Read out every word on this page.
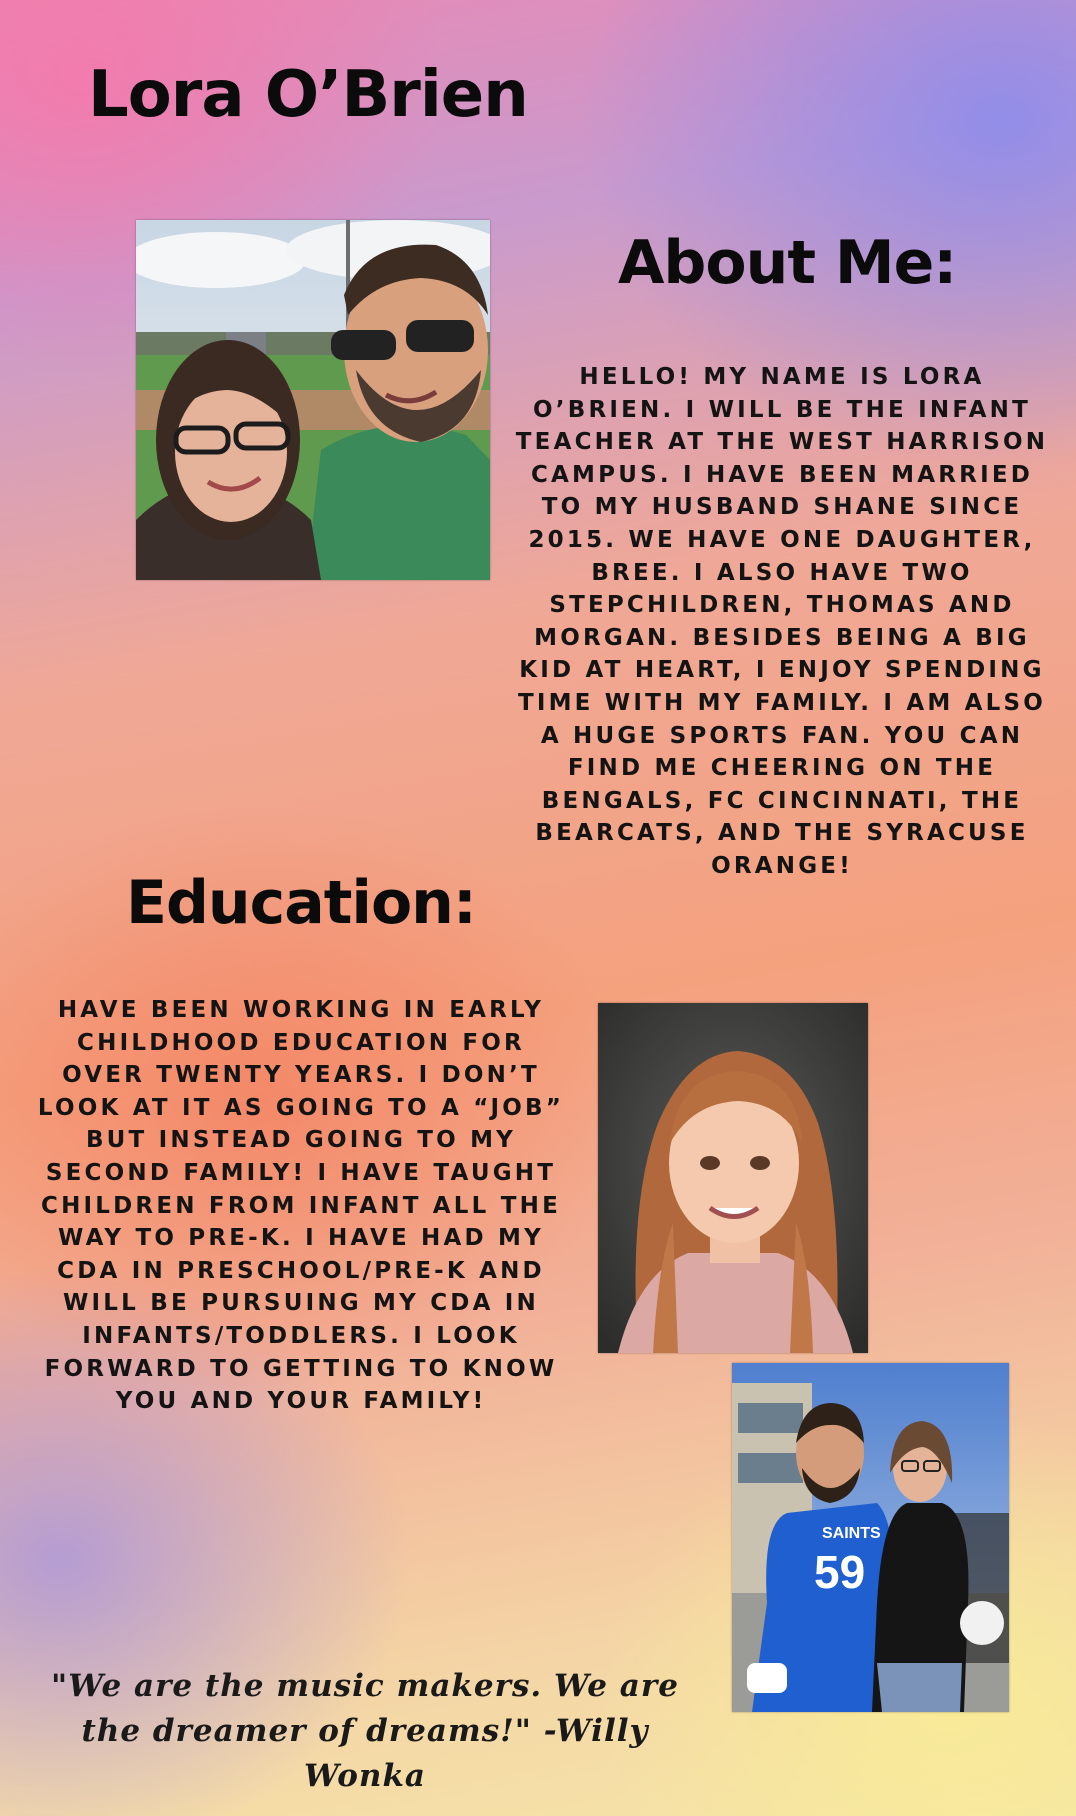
Lora O’Brien
About Me:

HELLO! MY NAME IS LORA O’BRIEN. I WILL BE THE INFANT TEACHER AT THE WEST HARRISON CAMPUS. I HAVE BEEN MARRIED TO MY HUSBAND SHANE SINCE 2015. WE HAVE ONE DAUGHTER, BREE. I ALSO HAVE TWO STEPCHILDREN, THOMAS AND MORGAN. BESIDES BEING A BIG KID AT HEART, I ENJOY SPENDING TIME WITH MY FAMILY. I AM ALSO A HUGE SPORTS FAN. YOU CAN FIND ME CHEERING ON THE BENGALS, FC CINCINNATI, THE BEARCATS, AND THE SYRACUSE ORANGE!

Education:

HAVE BEEN WORKING IN EARLY CHILDHOOD EDUCATION FOR OVER TWENTY YEARS. I DON’T LOOK AT IT AS GOING TO A “JOB” BUT INSTEAD GOING TO MY SECOND FAMILY! I HAVE TAUGHT CHILDREN FROM INFANT ALL THE WAY TO PRE-K. I HAVE HAD MY CDA IN PRESCHOOL/PRE-K AND WILL BE PURSUING MY CDA IN INFANTS/TODDLERS. I LOOK FORWARD TO GETTING TO KNOW YOU AND YOUR FAMILY!

SAINTS
59

"We are the music makers. We are the dreamer of dreams!" -Willy Wonka
